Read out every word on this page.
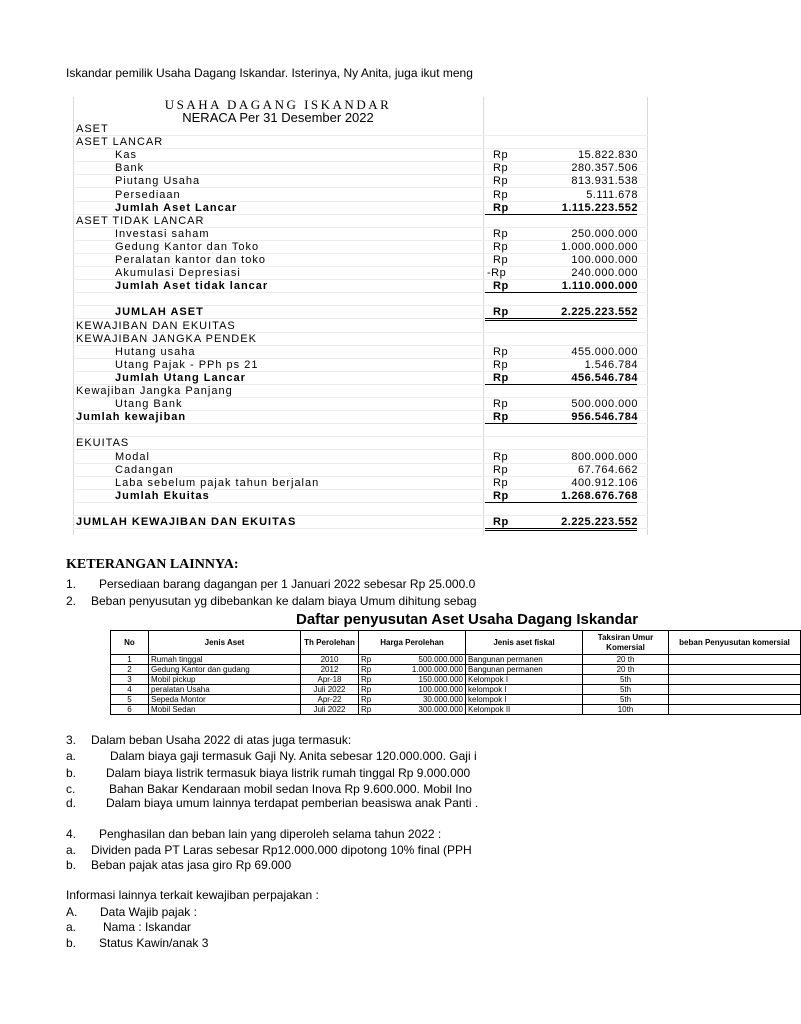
Iskandar pemilik Usaha Dagang Iskandar. Isterinya, Ny Anita, juga ikut meng
USAHA DAGANG ISKANDAR
NERACA Per 31 Desember 2022
ASET
ASET LANCAR
Kas	Rp	15.822.830
Bank	Rp	280.357.506
Piutang Usaha	Rp	813.931.538
Persediaan	Rp	5.111.678
Jumlah Aset Lancar	Rp	1.115.223.552
ASET TIDAK LANCAR
Investasi saham	Rp	250.000.000
Gedung Kantor dan Toko	Rp	1.000.000.000
Peralatan kantor dan toko	Rp	100.000.000
Akumulasi Depresiasi	-Rp	240.000.000
Jumlah Aset tidak lancar	Rp	1.110.000.000
JUMLAH ASET	Rp	2.225.223.552
KEWAJIBAN DAN EKUITAS
KEWAJIBAN JANGKA PENDEK
Hutang usaha	Rp	455.000.000
Utang Pajak - PPh ps 21	Rp	1.546.784
Jumlah Utang Lancar	Rp	456.546.784
Kewajiban Jangka Panjang
Utang Bank	Rp	500.000.000
Jumlah kewajiban	Rp	956.546.784
EKUITAS
Modal	Rp	800.000.000
Cadangan	Rp	67.764.662
Laba sebelum pajak tahun berjalan	Rp	400.912.106
Jumlah Ekuitas	Rp	1.268.676.768
JUMLAH KEWAJIBAN DAN EKUITAS	Rp	2.225.223.552
KETERANGAN LAINNYA:
1. Persediaan barang dagangan per 1 Januari 2022 sebesar Rp 25.000.0
2. Beban penyusutan yg dibebankan ke dalam biaya Umum dihitung sebag
Daftar penyusutan Aset Usaha Dagang Iskandar
No	Jenis Aset	Th Perolehan	Harga Perolehan		Jenis aset fiskal	Taksiran Umur Komersial	beban Penyusutan komersial
1	Rumah tinggal	2010	Rp	500.000.000	Bangunan permanen	20 th	
2	Gedung Kantor dan gudang	2012	Rp	1.000.000.000	Bangunan permanen	20 th	
3	Mobil pickup	Apr-18	Rp	150.000.000	Kelompok I	5th	
4	peralatan Usaha	Juli 2022	Rp	100.000.000	kelompok I	5th	
5	Sepeda Montor	Apr-22	Rp	30.000.000	kelompok I	5th	
6	Mobil Sedan	Juli 2022	Rp	300.000.000	Kelompok II	10th	
3. Dalam beban Usaha 2022 di atas juga termasuk:
a.	Dalam biaya gaji termasuk Gaji Ny. Anita sebesar 120.000.000. Gaji i
b. Dalam biaya listrik termasuk biaya listrik rumah tinggal Rp 9.000.000
c.	Bahan Bakar Kendaraan mobil sedan Inova Rp 9.600.000. Mobil Ino
d. Dalam biaya umum lainnya terdapat pemberian beasiswa anak Panti .
4. Penghasilan dan beban lain yang diperoleh selama tahun 2022 :
a. Dividen pada PT Laras sebesar Rp12.000.000 dipotong 10% final (PPH
b. Beban pajak atas jasa giro Rp 69.000
Informasi lainnya terkait kewajiban perpajakan :
A. Data Wajib pajak :
a. Nama : Iskandar
b. Status Kawin/anak 3
